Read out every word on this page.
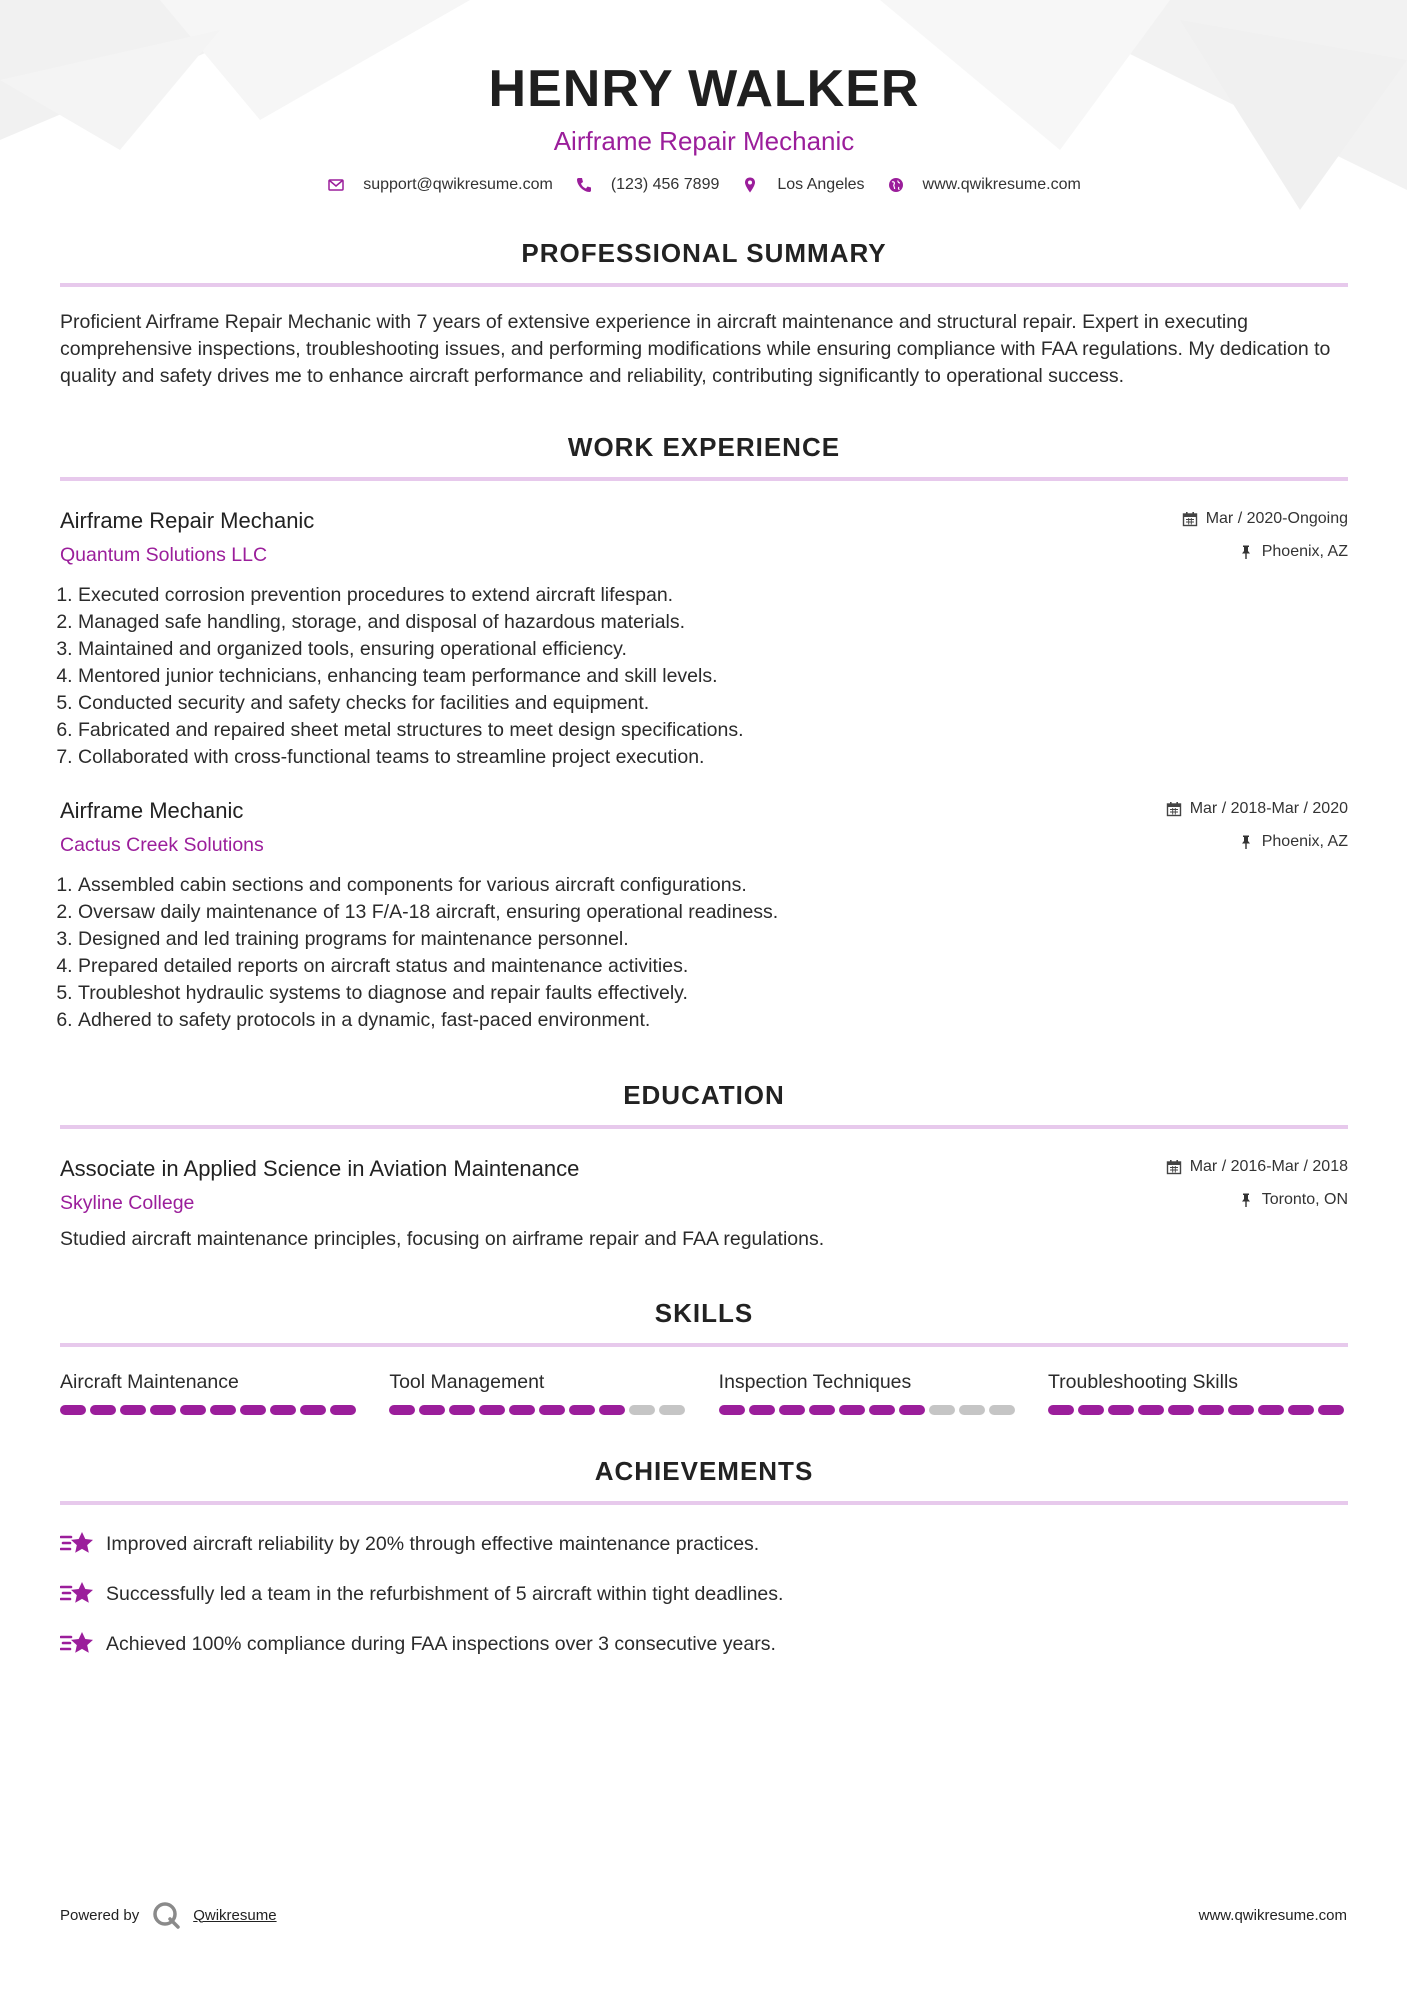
HENRY WALKER
Airframe Repair Mechanic
support@qwikresume.com	(123) 456 7899	Los Angeles	www.qwikresume.com
PROFESSIONAL SUMMARY
Proficient Airframe Repair Mechanic with 7 years of extensive experience in aircraft maintenance and structural repair. Expert in executing comprehensive inspections, troubleshooting issues, and performing modifications while ensuring compliance with FAA regulations. My dedication to quality and safety drives me to enhance aircraft performance and reliability, contributing significantly to operational success.
WORK EXPERIENCE
Airframe Repair Mechanic
Quantum Solutions LLC
Mar / 2020-Ongoing
Phoenix, AZ
1. Executed corrosion prevention procedures to extend aircraft lifespan.
2. Managed safe handling, storage, and disposal of hazardous materials.
3. Maintained and organized tools, ensuring operational efficiency.
4. Mentored junior technicians, enhancing team performance and skill levels.
5. Conducted security and safety checks for facilities and equipment.
6. Fabricated and repaired sheet metal structures to meet design specifications.
7. Collaborated with cross-functional teams to streamline project execution.
Airframe Mechanic
Cactus Creek Solutions
Mar / 2018-Mar / 2020
Phoenix, AZ
1. Assembled cabin sections and components for various aircraft configurations.
2. Oversaw daily maintenance of 13 F/A-18 aircraft, ensuring operational readiness.
3. Designed and led training programs for maintenance personnel.
4. Prepared detailed reports on aircraft status and maintenance activities.
5. Troubleshot hydraulic systems to diagnose and repair faults effectively.
6. Adhered to safety protocols in a dynamic, fast-paced environment.
EDUCATION
Associate in Applied Science in Aviation Maintenance
Skyline College
Mar / 2016-Mar / 2018
Toronto, ON
Studied aircraft maintenance principles, focusing on airframe repair and FAA regulations.
SKILLS
Aircraft Maintenance	Tool Management	Inspection Techniques	Troubleshooting Skills
ACHIEVEMENTS
Improved aircraft reliability by 20% through effective maintenance practices.
Successfully led a team in the refurbishment of 5 aircraft within tight deadlines.
Achieved 100% compliance during FAA inspections over 3 consecutive years.
Powered by	Qwikresume	www.qwikresume.com
